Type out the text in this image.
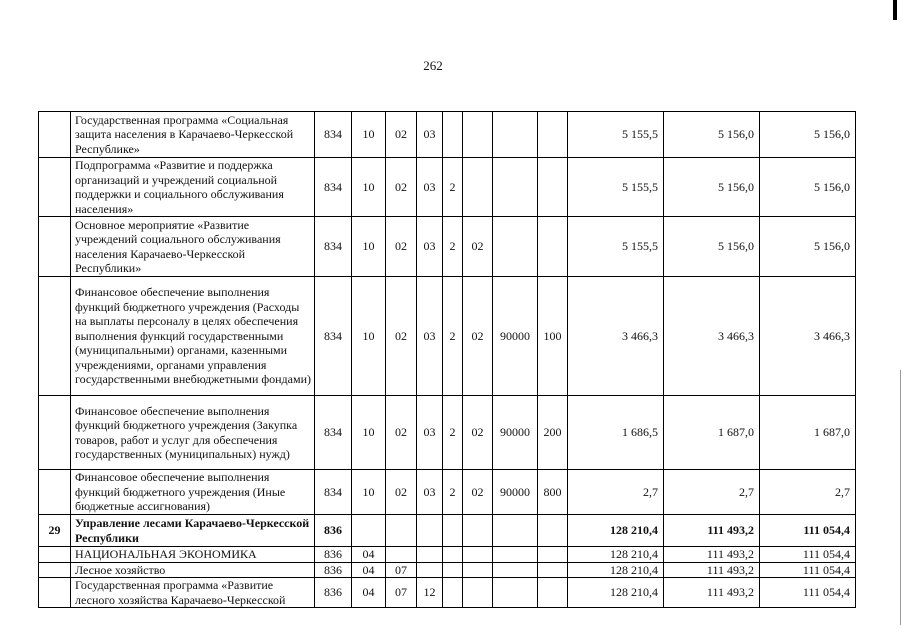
262
	Государственная программа «Социальная защита населения в Карачаево-Черкесской Республике»	834	10	02	03					5 155,5	5 156,0	5 156,0
	Подпрограмма «Развитие и поддержка организаций и учреждений социальной поддержки и социального обслуживания населения»	834	10	02	03	2				5 155,5	5 156,0	5 156,0
	Основное мероприятие «Развитие учреждений социального обслуживания населения Карачаево-Черкесской Республики»	834	10	02	03	2	02			5 155,5	5 156,0	5 156,0
	Финансовое обеспечение выполнения функций бюджетного учреждения (Расходы на выплаты персоналу в целях обеспечения выполнения функций государственными (муниципальными) органами, казенными учреждениями, органами управления государственными внебюджетными фондами)	834	10	02	03	2	02	90000	100	3 466,3	3 466,3	3 466,3
	Финансовое обеспечение выполнения функций бюджетного учреждения (Закупка товаров, работ и услуг для обеспечения государственных (муниципальных) нужд)	834	10	02	03	2	02	90000	200	1 686,5	1 687,0	1 687,0
	Финансовое обеспечение выполнения функций бюджетного учреждения (Иные бюджетные ассигнования)	834	10	02	03	2	02	90000	800	2,7	2,7	2,7
29	Управление лесами Карачаево-Черкесской Республики	836								128 210,4	111 493,2	111 054,4
	НАЦИОНАЛЬНАЯ ЭКОНОМИКА	836	04							128 210,4	111 493,2	111 054,4
	Лесное хозяйство	836	04	07						128 210,4	111 493,2	111 054,4
	Государственная программа «Развитие лесного хозяйства Карачаево-Черкесской	836	04	07	12					128 210,4	111 493,2	111 054,4
